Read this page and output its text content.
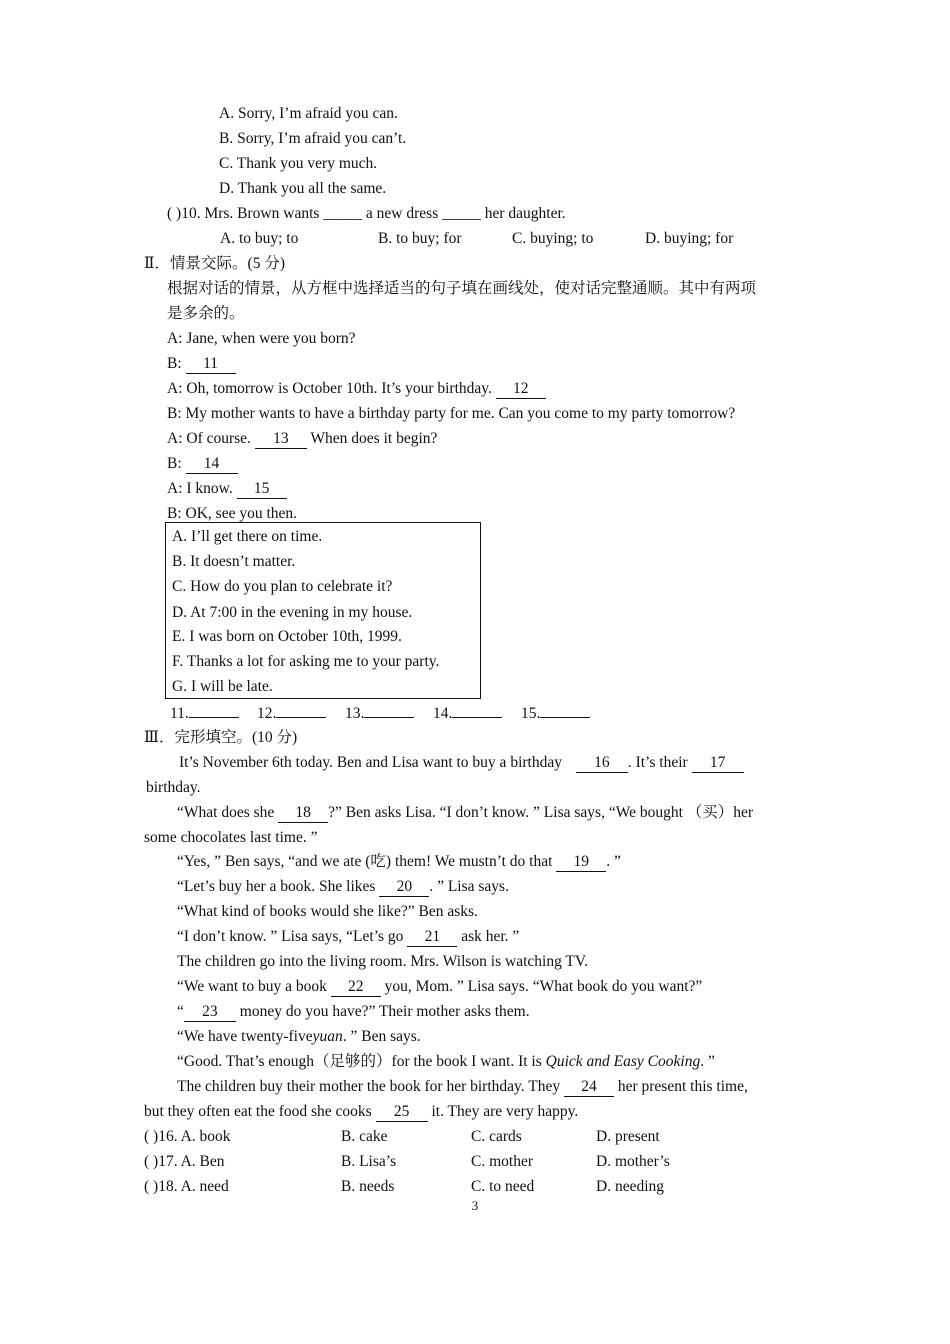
A. Sorry, I’m afraid you can.
B. Sorry, I’m afraid you can’t.
C. Thank you very much.
D. Thank you all the same.
( )10. Mrs. Brown wants _____ a new dress _____ her daughter.
A. to buy; to	B. to buy; for	C. buying; to	D. buying; for
Ⅱ．情景交际。(5 分)
根据对话的情景，从方框中选择适当的句子填在画线处，使对话完整通顺。其中有两项
是多余的。
A: Jane, when were you born?
B: 11
A: Oh, tomorrow is October 10th. It’s your birthday. 12
B: My mother wants to have a birthday party for me. Can you come to my party tomorrow?
A: Of course. 13 When does it begin?
B: 14
A: I know. 15
B: OK, see you then.
A. I’ll get there on time.
B. It doesn’t matter.
C. How do you plan to celebrate it?
D. At 7:00 in the evening in my house.
E. I was born on October 10th, 1999.
F. Thanks a lot for asking me to your party.
G. I will be late.
11.	12.	13.	14.	15.
Ⅲ．完形填空。(10 分)
It’s November 6th today. Ben and Lisa want to buy a birthday 16 . It’s their 17
birthday.
“What does she 18 ?” Ben asks Lisa. “I don’t know. ” Lisa says, “We bought （买）her
some chocolates last time. ”
“Yes, ” Ben says, “and we ate (吃) them! We mustn’t do that 19 . ”
“Let’s buy her a book. She likes 20 . ” Lisa says.
“What kind of books would she like?” Ben asks.
“I don’t know. ” Lisa says, “Let’s go 21 ask her. ”
The children go into the living room. Mrs. Wilson is watching TV.
“We want to buy a book 22 you, Mom. ” Lisa says. “What book do you want?”
“ 23 money do you have?” Their mother asks them.
“We have twenty-fiveyuan. ” Ben says.
“Good. That’s enough（足够的）for the book I want. It is Quick and Easy Cooking. ”
The children buy their mother the book for her birthday. They 24 her present this time,
but they often eat the food she cooks 25 it. They are very happy.
( )16. A. book	B. cake	C. cards	D. present
( )17. A. Ben	B. Lisa’s	C. mother	D. mother’s
( )18. A. need	B. needs	C. to need	D. needing
3
